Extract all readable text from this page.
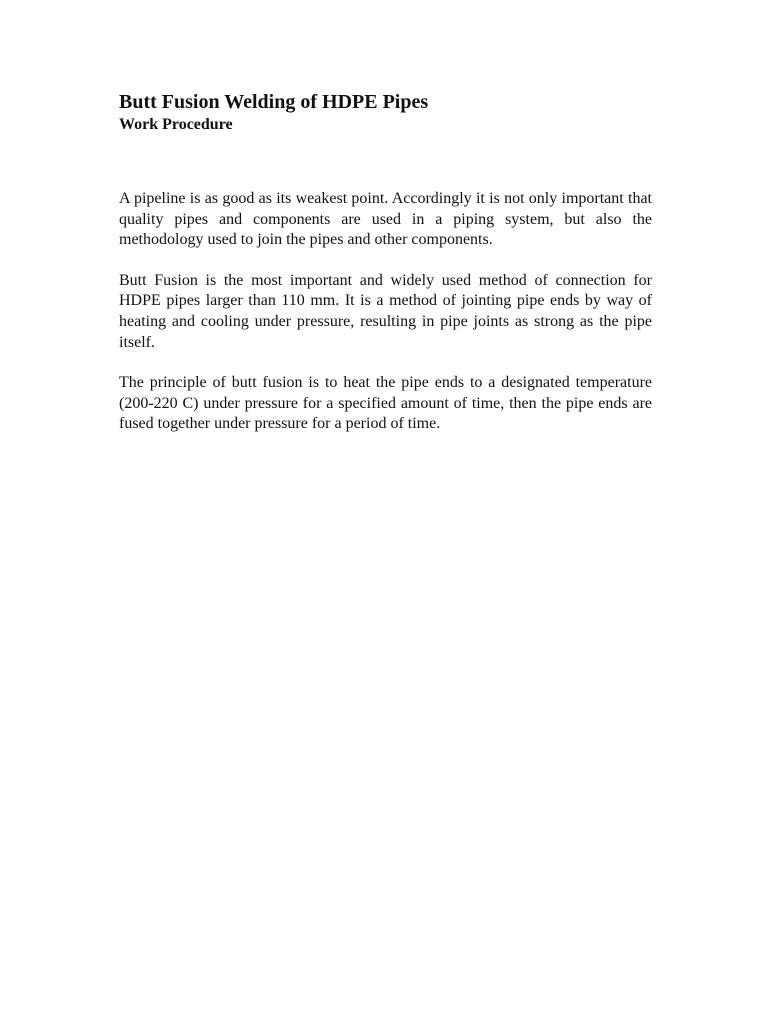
Butt Fusion Welding of HDPE Pipes
Work Procedure

A pipeline is as good as its weakest point. Accordingly it is not only important that quality pipes and components are used in a piping system, but also the methodology used to join the pipes and other components.

Butt Fusion is the most important and widely used method of connection for HDPE pipes larger than 110 mm. It is a method of jointing pipe ends by way of heating and cooling under pressure, resulting in pipe joints as strong as the pipe itself.

The principle of butt fusion is to heat the pipe ends to a designated temperature (200-220 C) under pressure for a specified amount of time, then the pipe ends are fused together under pressure for a period of time.
